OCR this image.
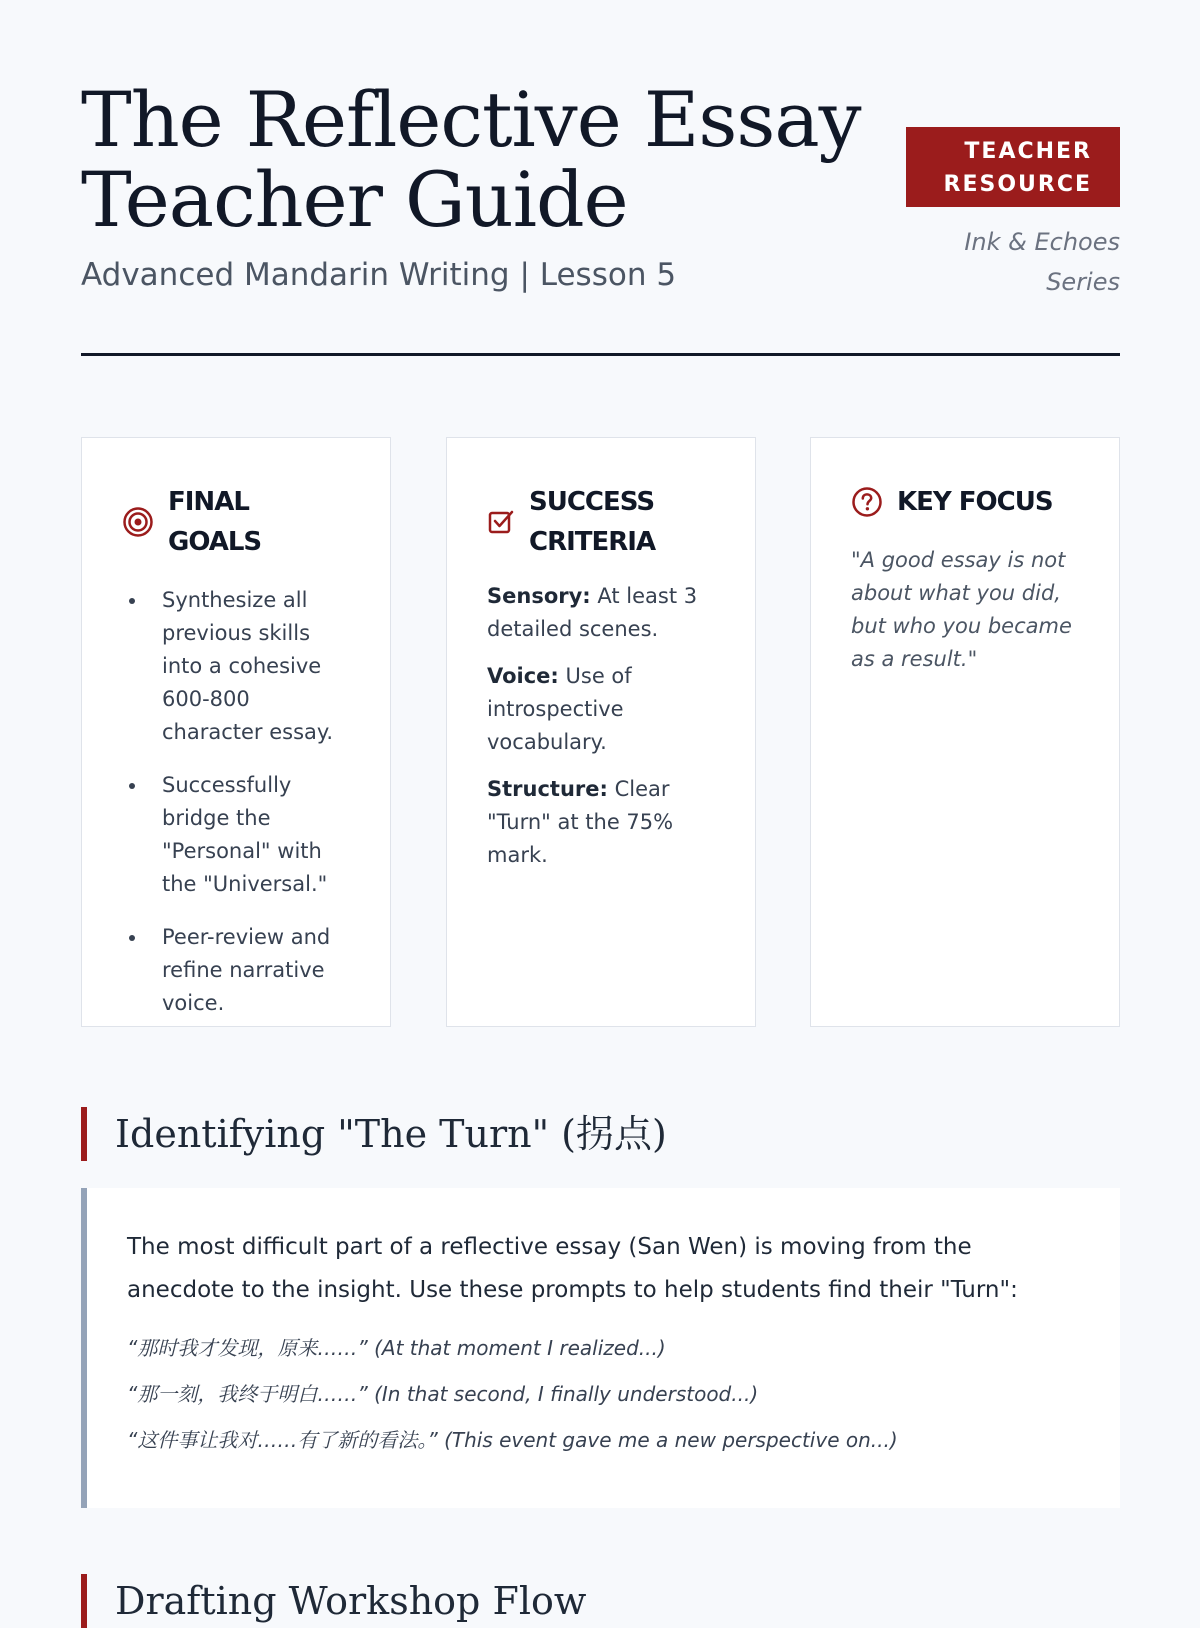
The Reflective Essay
Teacher Guide

Advanced Mandarin Writing | Lesson 5

TEACHER
RESOURCE
Ink & Echoes
Series
FINAL GOALS
• Synthesize all previous skills into a cohesive 600-800 character essay.
• Successfully bridge the "Personal" with the "Universal."
• Peer-review and refine narrative voice.
SUCCESS
CRITERIA

Sensory: At least 3 detailed scenes.

Voice: Use of introspective vocabulary.

Structure: Clear "Turn" at the 75% mark.

KEY FOCUS

"A good essay is not about what you did, but who you became as a result."

Identifying "The Turn" (拐点)

The most difficult part of a reflective essay (San Wen) is moving from the anecdote to the insight. Use these prompts to help students find their "Turn":

“那时我才发现，原来……” (At that moment I realized...)

“那一刻，我终于明白……” (In that second, I finally understood...)

“这件事让我对……有了新的看法。” (This event gave me a new perspective on...)

Drafting Workshop Flow
